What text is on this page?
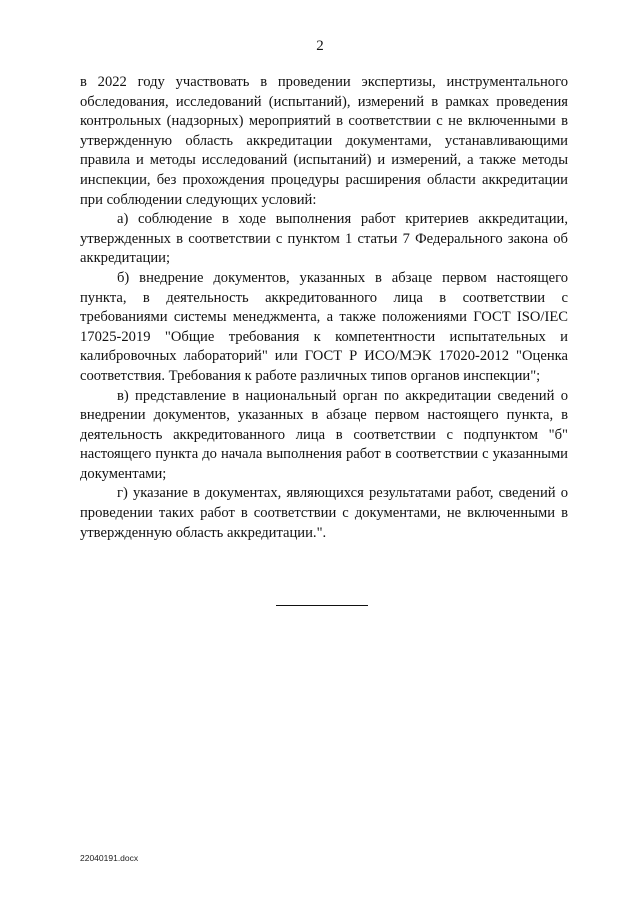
2

в 2022 году участвовать в проведении экспертизы, инструментального обследования, исследований (испытаний), измерений в рамках проведения контрольных (надзорных) мероприятий в соответствии с не включенными в утвержденную область аккредитации документами, устанавливающими правила и методы исследований (испытаний) и измерений, а также методы инспекции, без прохождения процедуры расширения области аккредитации при соблюдении следующих условий:

а) соблюдение в ходе выполнения работ критериев аккредитации, утвержденных в соответствии с пунктом 1 статьи 7 Федерального закона об аккредитации;

б) внедрение документов, указанных в абзаце первом настоящего пункта, в деятельность аккредитованного лица в соответствии с требованиями системы менеджмента, а также положениями ГОСТ ISO/IEC 17025-2019 "Общие требования к компетентности испытательных и калибровочных лабораторий" или ГОСТ Р ИСО/МЭК 17020-2012 "Оценка соответствия. Требования к работе различных типов органов инспекции";

в) представление в национальный орган по аккредитации сведений о внедрении документов, указанных в абзаце первом настоящего пункта, в деятельность аккредитованного лица в соответствии с подпунктом "б" настоящего пункта до начала выполнения работ в соответствии с указанными документами;

г) указание в документах, являющихся результатами работ, сведений о проведении таких работ в соответствии с документами, не включенными в утвержденную область аккредитации.".

22040191.docx
